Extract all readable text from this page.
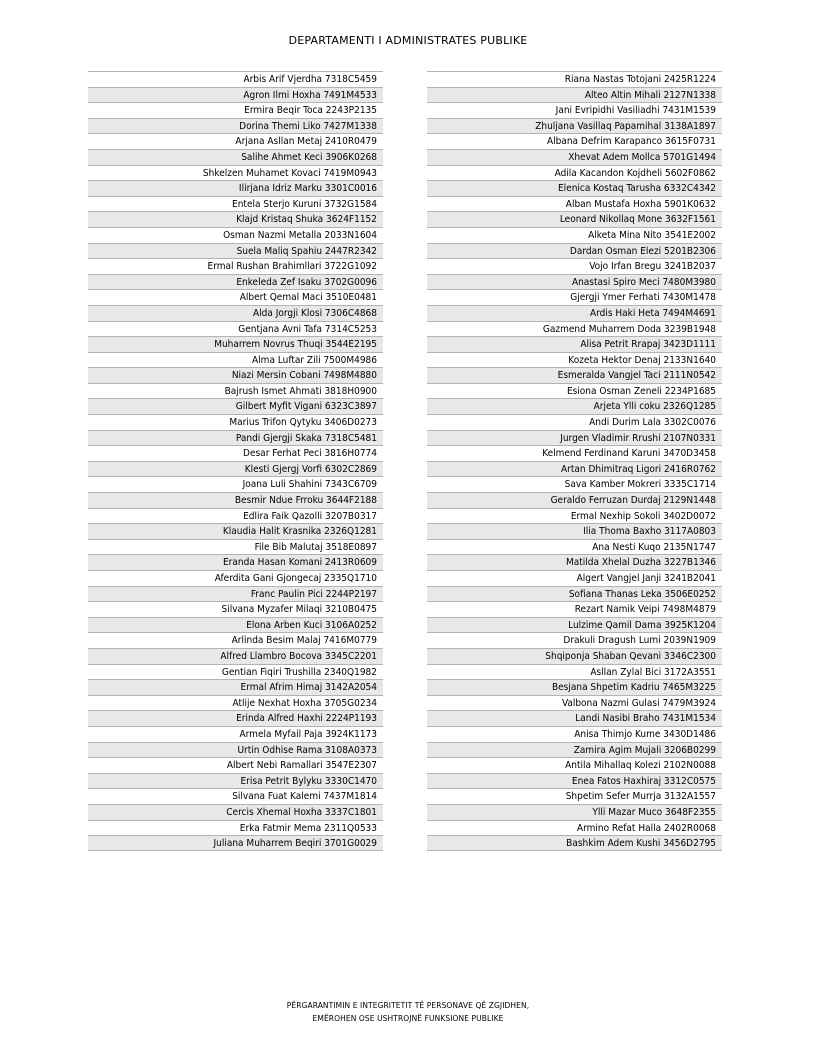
DEPARTAMENTI I ADMINISTRATES PUBLIKE
Arbis Arif Vjerdha 7318C5459
Agron Ilmi Hoxha 7491M4533
Ermira Beqir Toca 2243P2135
Dorina Themi Liko 7427M1338
Arjana Asllan Metaj 2410R0479
Salihe Ahmet Keci 3906K0268
Shkelzen Muhamet Kovaci 7419M0943
Ilirjana Idriz Marku 3301C0016
Entela Sterjo Kuruni 3732G1584
Klajd Kristaq Shuka 3624F1152
Osman Nazmi Metalla 2033N1604
Suela Maliq Spahiu 2447R2342
Ermal Rushan Brahimllari 3722G1092
Enkeleda Zef Isaku 3702G0096
Albert Qemal Maci 3510E0481
Alda Jorgji Klosi 7306C4868
Gentjana Avni Tafa 7314C5253
Muharrem Novrus Thuqi 3544E2195
Alma Luftar Zili 7500M4986
Niazi Mersin Cobani 7498M4880
Bajrush Ismet Ahmati 3818H0900
Gilbert Myfit Vigani 6323C3897
Marius Trifon Qytyku 3406D0273
Pandi Gjergji Skaka 7318C5481
Desar Ferhat Peci 3816H0774
Klesti Gjergj Vorfi 6302C2869
Joana Luli Shahini 7343C6709
Besmir Ndue Frroku 3644F2188
Edlira Faik Qazolli 3207B0317
Klaudia Halit Krasnika 2326Q1281
File Bib Malutaj 3518E0897
Eranda Hasan Komani 2413R0609
Aferdita Gani Gjongecaj 2335Q1710
Franc Paulin Pici 2244P2197
Silvana Myzafer Milaqi 3210B0475
Elona Arben Kuci 3106A0252
Arlinda Besim Malaj 7416M0779
Alfred Llambro Bocova 3345C2201
Gentian Fiqiri Trushilla 2340Q1982
Ermal Afrim Himaj 3142A2054
Atlije Nexhat Hoxha 3705G0234
Erinda Alfred Haxhi 2224P1193
Armela Myfail Paja 3924K1173
Urtin Odhise Rama 3108A0373
Albert Nebi Ramallari 3547E2307
Erisa Petrit Bylyku 3330C1470
Silvana Fuat Kalemi 7437M1814
Cercis Xhemal Hoxha 3337C1801
Erka Fatmir Mema 2311Q0533
Juliana Muharrem Beqiri 3701G0029
Riana Nastas Totojani 2425R1224
Alteo Altin Mihali 2127N1338
Jani Evripidhi Vasiliadhi 7431M1539
Zhuljana Vasillaq Papamihal 3138A1897
Albana Defrim Karapanco 3615F0731
Xhevat Adem Mollca 5701G1494
Adila Kacandon Kojdheli 5602F0862
Elenica Kostaq Tarusha 6332C4342
Alban Mustafa Hoxha 5901K0632
Leonard Nikollaq Mone 3632F1561
Alketa Mina Nito 3541E2002
Dardan Osman Elezi 5201B2306
Vojo Irfan Bregu 3241B2037
Anastasi Spiro Meci 7480M3980
Gjergji Ymer Ferhati 7430M1478
Ardis Haki Heta 7494M4691
Gazmend Muharrem Doda 3239B1948
Alisa Petrit Rrapaj 3423D1111
Kozeta Hektor Denaj 2133N1640
Esmeralda Vangjel Taci 2111N0542
Esiona Osman Zeneli 2234P1685
Arjeta Ylli coku 2326Q1285
Andi Durim Lala 3302C0076
Jurgen Vladimir Rrushi 2107N0331
Kelmend Ferdinand Karuni 3470D3458
Artan Dhimitraq Ligori 2416R0762
Sava Kamber Mokreri 3335C1714
Geraldo Ferruzan Durdaj 2129N1448
Ermal Nexhip Sokoli 3402D0072
Ilia Thoma Baxho 3117A0803
Ana Nesti Kuqo 2135N1747
Matilda Xhelal Duzha 3227B1346
Algert Vangjel Janji 3241B2041
Sofiana Thanas Leka 3506E0252
Rezart Namik Veipi 7498M4879
Lulzime Qamil Dama 3925K1204
Drakuli Dragush Lumi 2039N1909
Shqiponja Shaban Qevani 3346C2300
Asllan Zylal Bici 3172A3551
Besjana Shpetim Kadriu 7465M3225
Valbona Nazmi Gulasi 7479M3924
Landi Nasibi Braho 7431M1534
Anisa Thimjo Kume 3430D1486
Zamira Agim Mujali 3206B0299
Antila Mihallaq Kolezi 2102N0088
Enea Fatos Haxhiraj 3312C0575
Shpetim Sefer Murrja 3132A1557
Ylli Mazar Muco 3648F2355
Armino Refat Halla 2402R0068
Bashkim Adem Kushi 3456D2795
PËRGARANTIMIN E INTEGRITETIT TË PERSONAVE QË ZGJIDHEN,
EMËROHEN OSE USHTROJNË FUNKSIONE PUBLIKE
